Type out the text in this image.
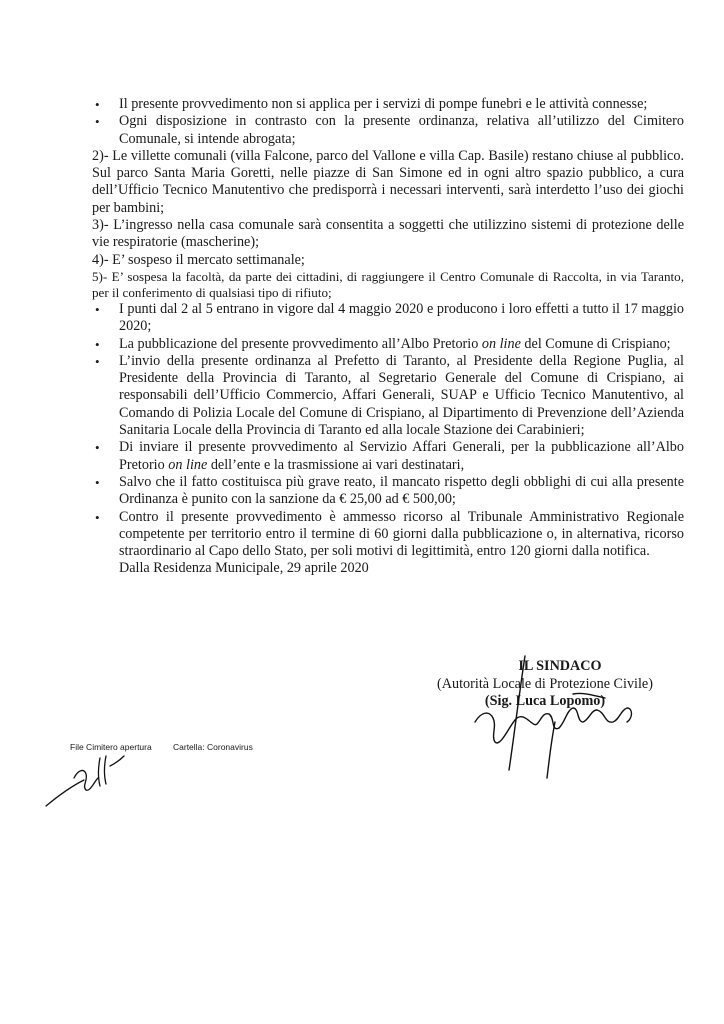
•	Il presente provvedimento non si applica per i servizi di pompe funebri e le attività connesse;
•	Ogni disposizione in contrasto con la presente ordinanza, relativa all’utilizzo del Cimitero Comunale, si intende abrogata;
2)- Le villette comunali (villa Falcone, parco del Vallone e villa Cap. Basile) restano chiuse al pubblico. Sul parco Santa Maria Goretti, nelle piazze di San Simone ed in ogni altro spazio pubblico, a cura dell’Ufficio Tecnico Manutentivo che predisporrà i necessari interventi, sarà interdetto l’uso dei giochi per bambini;
3)- L’ingresso nella casa comunale sarà consentita a soggetti che utilizzino sistemi di protezione delle vie respiratorie (mascherine);
4)- E’ sospeso il mercato settimanale;
5)- E’ sospesa la facoltà, da parte dei cittadini, di raggiungere il Centro Comunale di Raccolta, in via Taranto, per il conferimento di qualsiasi tipo di rifiuto;
•	I punti dal 2 al 5 entrano in vigore dal 4 maggio 2020 e producono i loro effetti a tutto il 17 maggio 2020;
•	La pubblicazione del presente provvedimento all’Albo Pretorio on line del Comune di Crispiano;
•	L’invio della presente ordinanza al Prefetto di Taranto, al Presidente della Regione Puglia, al Presidente della Provincia di Taranto, al Segretario Generale del Comune di Crispiano, ai responsabili dell’Ufficio Commercio, Affari Generali, SUAP e Ufficio Tecnico Manutentivo, al Comando di Polizia Locale del Comune di Crispiano, al Dipartimento di Prevenzione dell’Azienda Sanitaria Locale della Provincia di Taranto ed alla locale Stazione dei Carabinieri;
•	Di inviare il presente provvedimento al Servizio Affari Generali, per la pubblicazione all’Albo Pretorio on line dell’ente e la trasmissione ai vari destinatari,
•	Salvo che il fatto costituisca più grave reato, il mancato rispetto degli obblighi di cui alla presente Ordinanza è punito con la sanzione da € 25,00 ad € 500,00;
•	Contro il presente provvedimento è ammesso ricorso al Tribunale Amministrativo Regionale competente per territorio entro il termine di 60 giorni dalla pubblicazione o, in alternativa, ricorso straordinario al Capo dello Stato, per soli motivi di legittimità, entro 120 giorni dalla notifica.
Dalla Residenza Municipale, 29 aprile 2020
IL SINDACO
(Autorità Locale di Protezione Civile)
(Sig. Luca Lopomo)
File Cimitero apertura	Cartella: Coronavirus
